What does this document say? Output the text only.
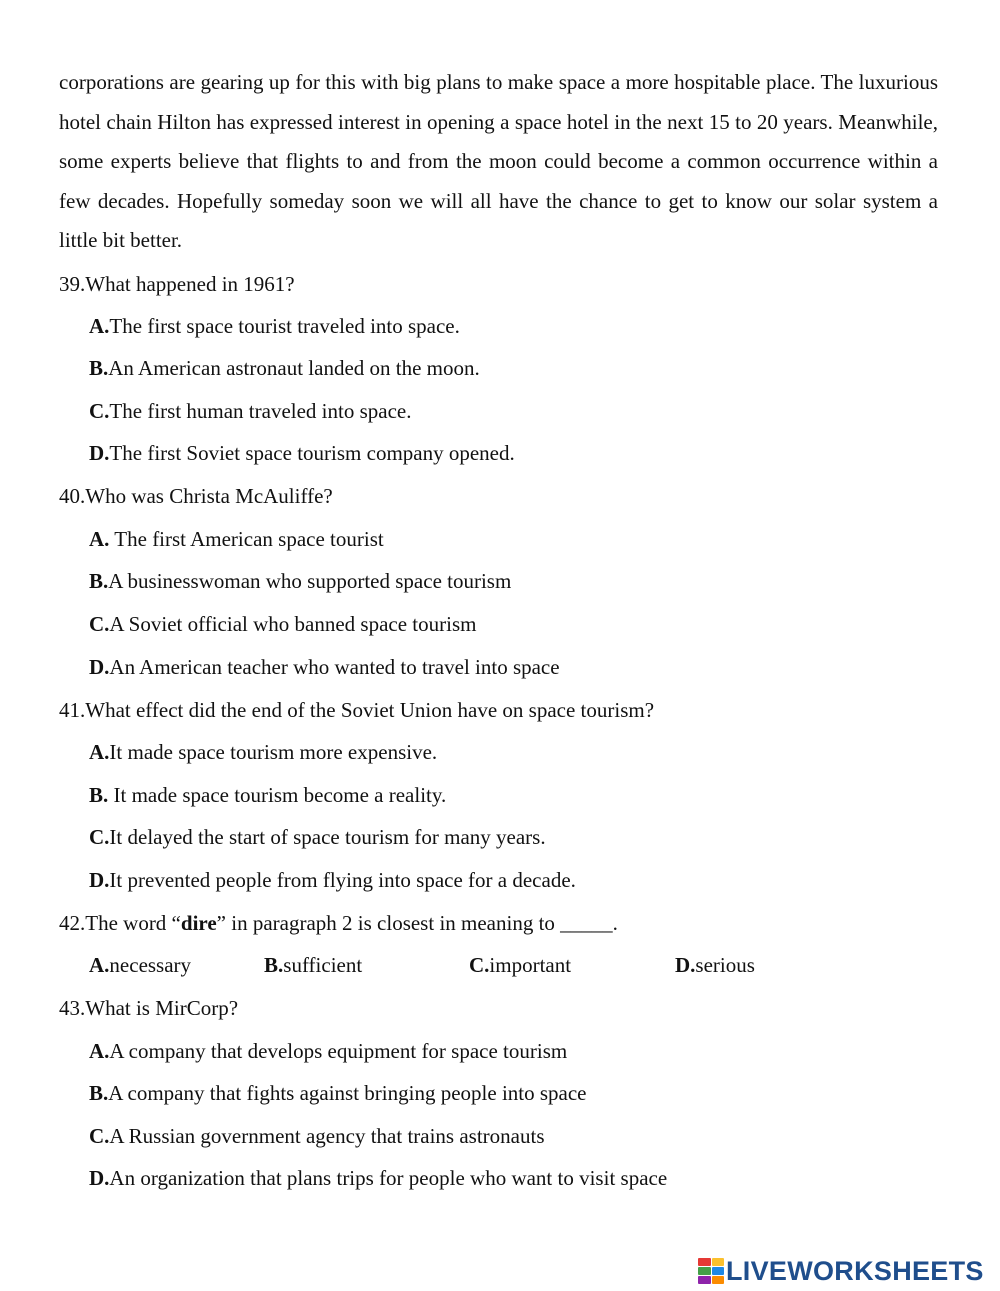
corporations are gearing up for this with big plans to make space a more hospitable place. The luxurious hotel chain Hilton has expressed interest in opening a space hotel in the next 15 to 20 years. Meanwhile, some experts believe that flights to and from the moon could become a common occurrence within a few decades. Hopefully someday soon we will all have the chance to get to know our solar system a little bit better.

39.What happened in 1961?
A.The first space tourist traveled into space.
B.An American astronaut landed on the moon.
C.The first human traveled into space.
D.The first Soviet space tourism company opened.
40.Who was Christa McAuliffe?
A. The first American space tourist
B.A businesswoman who supported space tourism
C.A Soviet official who banned space tourism
D.An American teacher who wanted to travel into space
41.What effect did the end of the Soviet Union have on space tourism?
A.It made space tourism more expensive.
B. It made space tourism become a reality.
C.It delayed the start of space tourism for many years.
D.It prevented people from flying into space for a decade.
42.The word “dire” in paragraph 2 is closest in meaning to _____.
A.necessary	B.sufficient	C.important	D.serious
43.What is MirCorp?
A.A company that develops equipment for space tourism
B.A company that fights against bringing people into space
C.A Russian government agency that trains astronauts
D.An organization that plans trips for people who want to visit space
LIVEWORKSHEETS
